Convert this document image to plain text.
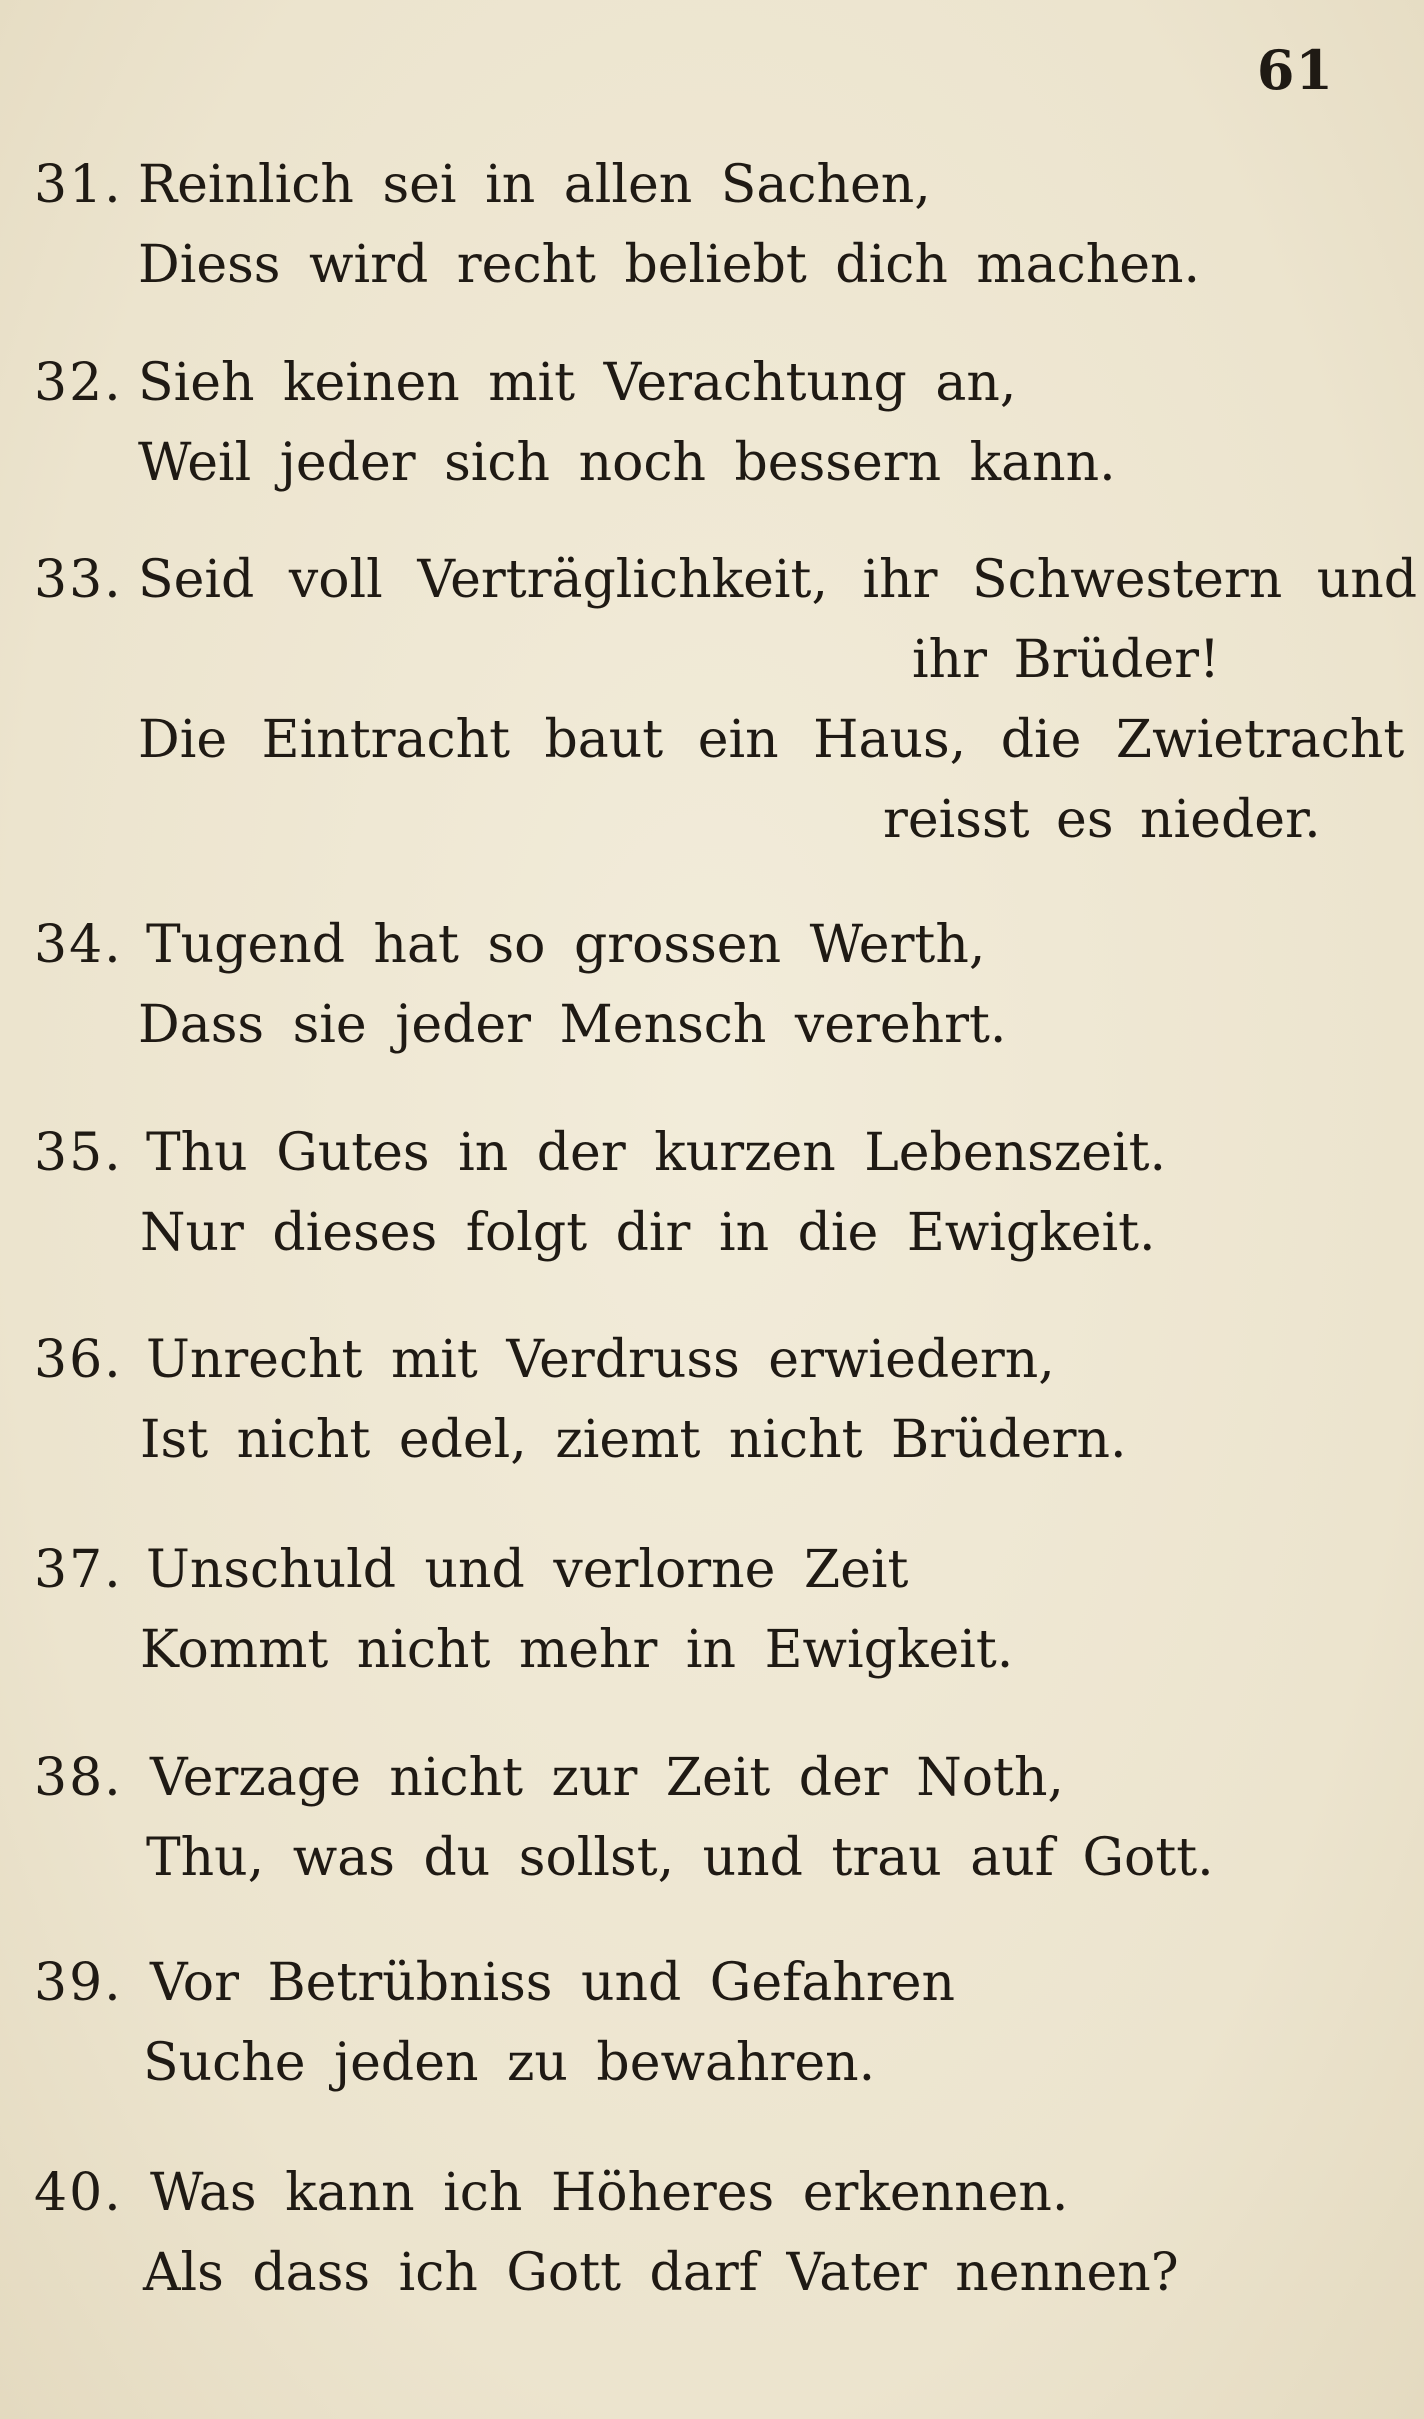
61
31. Reinlich sei in allen Sachen,
Diess wird recht beliebt dich machen.
32. Sieh keinen mit Verachtung an,
Weil jeder sich noch bessern kann.
33. Seid voll Verträglichkeit, ihr Schwestern und
ihr Brüder!
Die Eintracht baut ein Haus, die Zwietracht
reisst es nieder.
34. Tugend hat so grossen Werth,
Dass sie jeder Mensch verehrt.
35. Thu Gutes in der kurzen Lebenszeit.
Nur dieses folgt dir in die Ewigkeit.
36. Unrecht mit Verdruss erwiedern,
Ist nicht edel, ziemt nicht Brüdern.
37. Unschuld und verlorne Zeit
Kommt nicht mehr in Ewigkeit.
38. Verzage nicht zur Zeit der Noth,
Thu, was du sollst, und trau auf Gott.
39. Vor Betrübniss und Gefahren
Suche jeden zu bewahren.
40. Was kann ich Höheres erkennen.
Als dass ich Gott darf Vater nennen?
